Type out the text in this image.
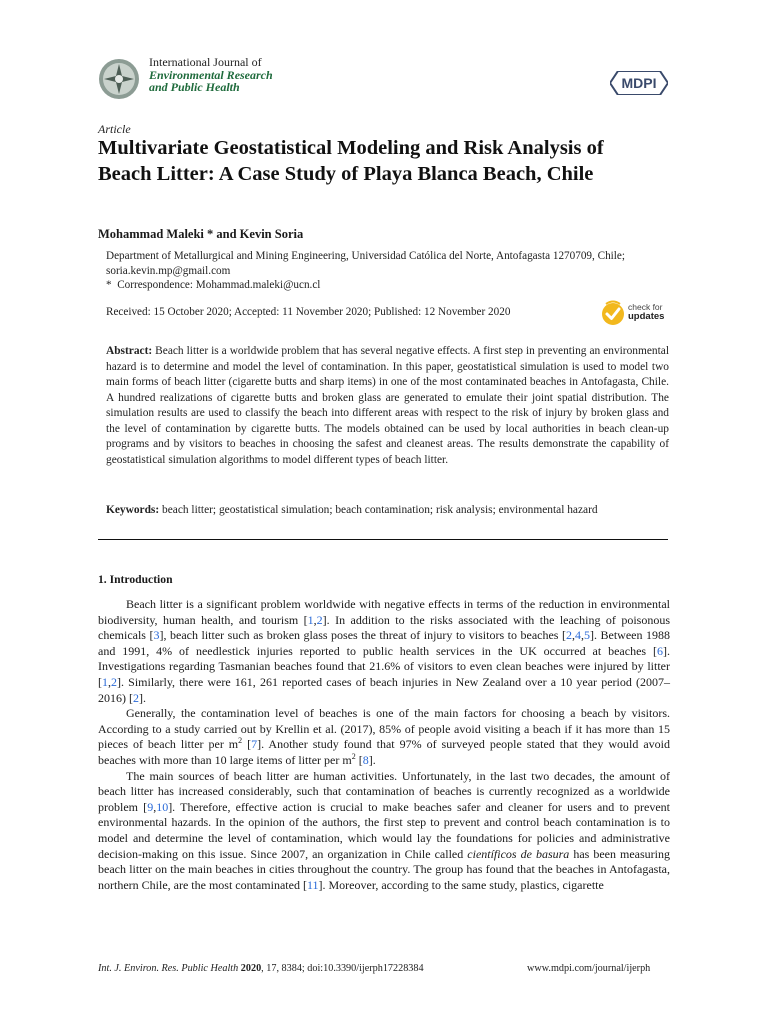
International Journal of
Environmental Research
and Public Health	MDPI
Article
Multivariate Geostatistical Modeling and Risk Analysis of Beach Litter: A Case Study of Playa Blanca Beach, Chile
Mohammad Maleki * and Kevin Soria
Department of Metallurgical and Mining Engineering, Universidad Católica del Norte, Antofagasta 1270709, Chile; soria.kevin.mp@gmail.com
* Correspondence: Mohammad.maleki@ucn.cl
Received: 15 October 2020; Accepted: 11 November 2020; Published: 12 November 2020	check for
updates
Abstract: Beach litter is a worldwide problem that has several negative effects. A first step in preventing an environmental hazard is to determine and model the level of contamination. In this paper, geostatistical simulation is used to model two main forms of beach litter (cigarette butts and sharp items) in one of the most contaminated beaches in Antofagasta, Chile. A hundred realizations of cigarette butts and broken glass are generated to emulate their joint spatial distribution. The simulation results are used to classify the beach into different areas with respect to the risk of injury by broken glass and the level of contamination by cigarette butts. The models obtained can be used by local authorities in beach clean-up programs and by visitors to beaches in choosing the safest and cleanest areas. The results demonstrate the capability of geostatistical simulation algorithms to model different types of beach litter.
Keywords: beach litter; geostatistical simulation; beach contamination; risk analysis; environmental hazard
1. Introduction

Beach litter is a significant problem worldwide with negative effects in terms of the reduction in environmental biodiversity, human health, and tourism [1,2]. In addition to the risks associated with the leaching of poisonous chemicals [3], beach litter such as broken glass poses the threat of injury to visitors to beaches [2,4,5]. Between 1988 and 1991, 4% of needlestick injuries reported to public health services in the UK occurred at beaches [6]. Investigations regarding Tasmanian beaches found that 21.6% of visitors to even clean beaches were injured by litter [1,2]. Similarly, there were 161, 261 reported cases of beach injuries in New Zealand over a 10 year period (2007–2016) [2].

Generally, the contamination level of beaches is one of the main factors for choosing a beach by visitors. According to a study carried out by Krellin et al. (2017), 85% of people avoid visiting a beach if it has more than 15 pieces of beach litter per $m^2$ [7]. Another study found that 97% of surveyed people stated that they would avoid beaches with more than 10 large items of litter per $m^2$ [8].

The main sources of beach litter are human activities. Unfortunately, in the last two decades, the amount of beach litter has increased considerably, such that contamination of beaches is currently recognized as a worldwide problem [9,10]. Therefore, effective action is crucial to make beaches safer and cleaner for users and to prevent environmental hazards. In the opinion of the authors, the first step to prevent and control beach contamination is to model and determine the level of contamination, which would lay the foundations for policies and administrative decision-making on this issue. Since 2007, an organization in Chile called científicos de basura has been measuring beach litter on the main beaches in cities throughout the country. The group has found that the beaches in Antofagasta, northern Chile, are the most contaminated [11]. Moreover, according to the same study, plastics, cigarette

Int. J. Environ. Res. Public Health 2020, 17, 8384; doi:10.3390/ijerph17228384	www.mdpi.com/journal/ijerph
